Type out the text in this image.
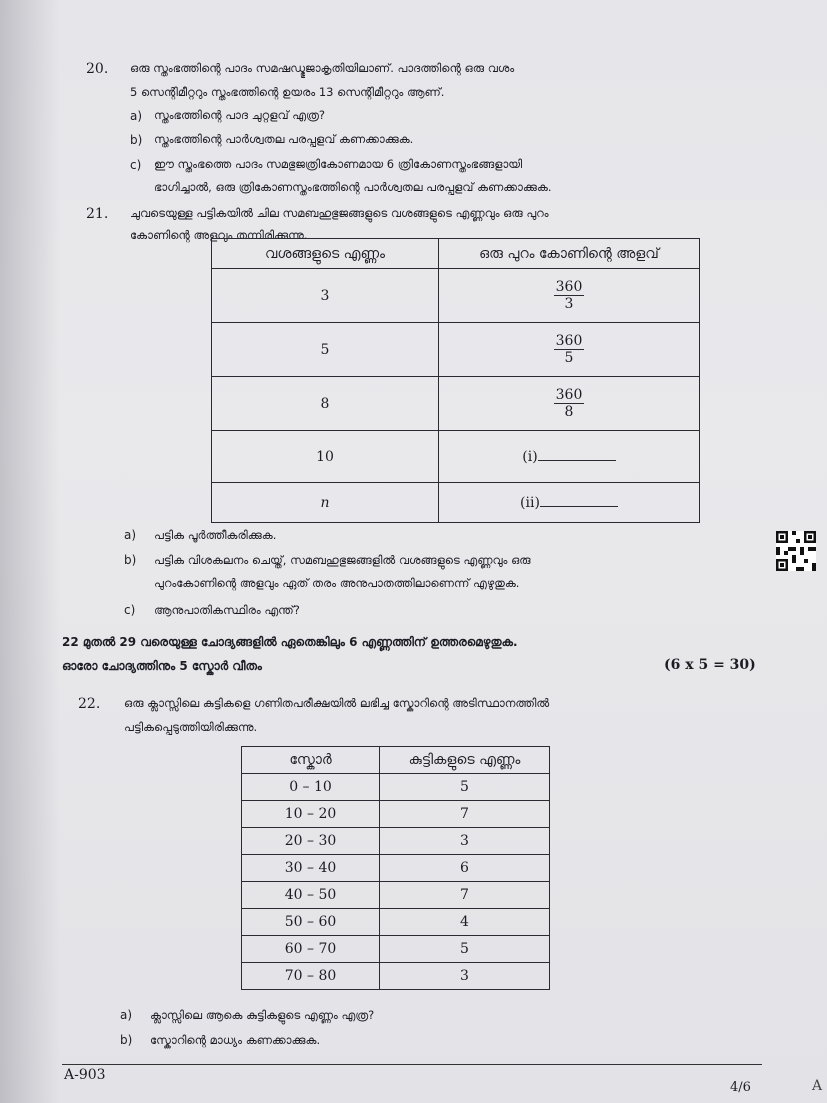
20. ഒരു സ്തംഭത്തിന്റെ പാദം സമഷഡ്ഭുജാകൃതിയിലാണ്. പാദത്തിന്റെ ഒരു വശം
5 സെന്റിമീറ്ററും സ്തംഭത്തിന്റെ ഉയരം 13 സെന്റിമീറ്ററും ആണ്.
a) സ്തംഭത്തിന്റെ പാദ ചുറ്റളവ് എത്ര?
b) സ്തംഭത്തിന്റെ പാർശ്വതല പരപ്പളവ് കണക്കാക്കുക.
c) ഈ സ്തംഭത്തെ പാദം സമഭുജത്രികോണമായ 6 ത്രികോണസ്തംഭങ്ങളായി
ഭാഗിച്ചാൽ, ഒരു ത്രികോണസ്തംഭത്തിന്റെ പാർശ്വതല പരപ്പളവ് കണക്കാക്കുക.
21. ചുവടെയുള്ള പട്ടികയിൽ ചില സമബഹുഭുജങ്ങളുടെ വശങ്ങളുടെ എണ്ണവും ഒരു പുറം
കോണിന്റെ അളവും തന്നിരിക്കുന്നു.
വശങ്ങളുടെ എണ്ണം	ഒരു പുറം കോണിന്റെ അളവ്
3	$\frac{360}{3}$

5	$\frac{360}{5}$

8	$\frac{360}{8}$

10	(i)
n	(ii)
a) പട്ടിക പൂർത്തീകരിക്കുക.
b) പട്ടിക വിശകലനം ചെയ്ത്, സമബഹുഭുജങ്ങളിൽ വശങ്ങളുടെ എണ്ണവും ഒരു
പുറംകോണിന്റെ അളവും ഏത് തരം അനുപാതത്തിലാണെന്ന് എഴുതുക.
c) ആനുപാതികസ്ഥിരം എന്ത്?
22 മുതൽ 29 വരെയുള്ള ചോദ്യങ്ങളിൽ ഏതെങ്കിലും 6 എണ്ണത്തിന് ഉത്തരമെഴുതുക.
ഓരോ ചോദ്യത്തിനും 5 സ്കോർ വീതം	(6 x 5 = 30)
22. ഒരു ക്ലാസ്സിലെ കുട്ടികളെ ഗണിതപരീക്ഷയിൽ ലഭിച്ച സ്കോറിന്റെ അടിസ്ഥാനത്തിൽ
പട്ടികപ്പെടുത്തിയിരിക്കുന്നു.
സ്കോർ	കുട്ടികളുടെ എണ്ണം
0 – 10	5
10 – 20	7
20 – 30	3
30 – 40	6
40 – 50	7
50 – 60	4
60 – 70	5
70 – 80	3
a) ക്ലാസ്സിലെ ആകെ കുട്ടികളുടെ എണ്ണം എത്ര?
b) സ്കോറിന്റെ മാധ്യം കണക്കാക്കുക.
A-903
4/6	A
